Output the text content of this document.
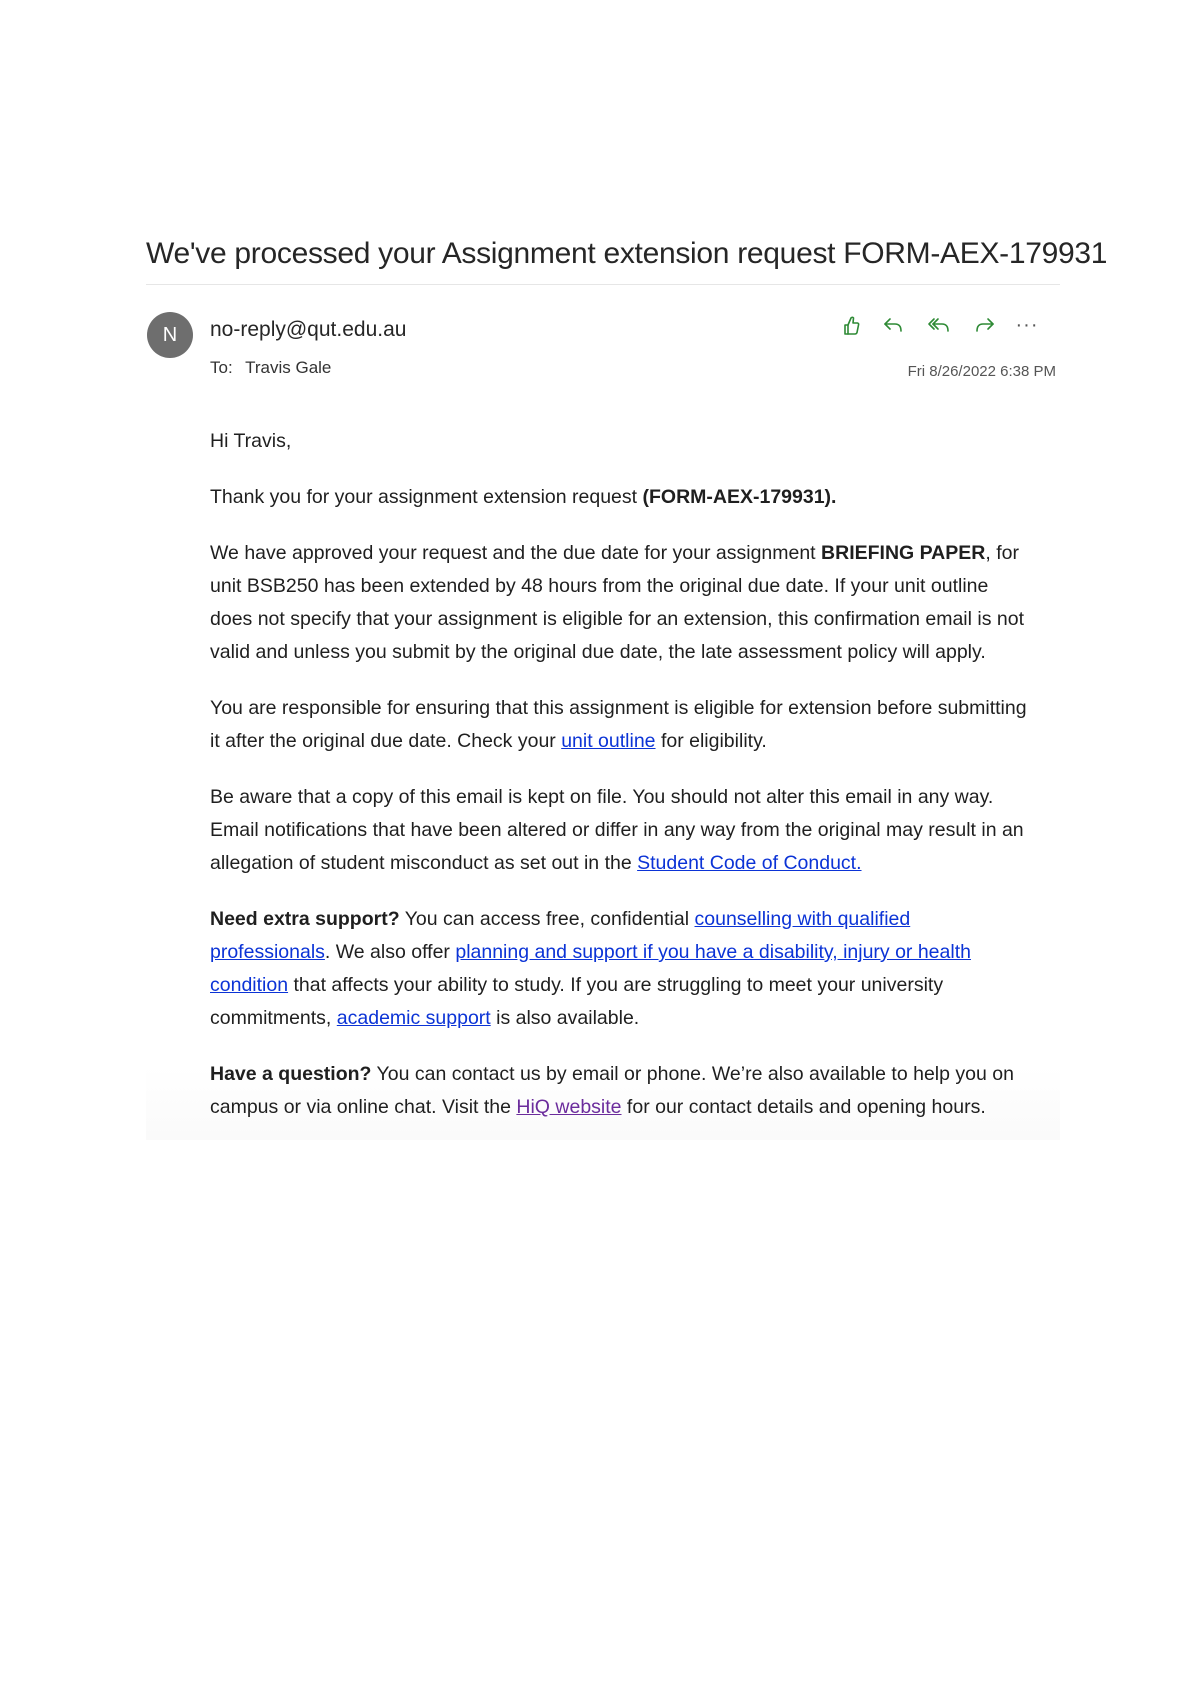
We've processed your Assignment extension request FORM-AEX-179931
N	no-reply@qut.edu.au
To: Travis Gale
···
Fri 8/26/2022 6:38 PM

Hi Travis,

Thank you for your assignment extension request (FORM-AEX-179931).

We have approved your request and the due date for your assignment BRIEFING PAPER, for unit BSB250 has been extended by 48 hours from the original due date. If your unit outline does not specify that your assignment is eligible for an extension, this confirmation email is not valid and unless you submit by the original due date, the late assessment policy will apply.

You are responsible for ensuring that this assignment is eligible for extension before submitting it after the original due date. Check your unit outline for eligibility.

Be aware that a copy of this email is kept on file. You should not alter this email in any way. Email notifications that have been altered or differ in any way from the original may result in an allegation of student misconduct as set out in the Student Code of Conduct.

Need extra support? You can access free, confidential counselling with qualified professionals. We also offer planning and support if you have a disability, injury or health condition that affects your ability to study. If you are struggling to meet your university commitments, academic support is also available.

Have a question? You can contact us by email or phone. We’re also available to help you on campus or via online chat. Visit the HiQ website for our contact details and opening hours.
